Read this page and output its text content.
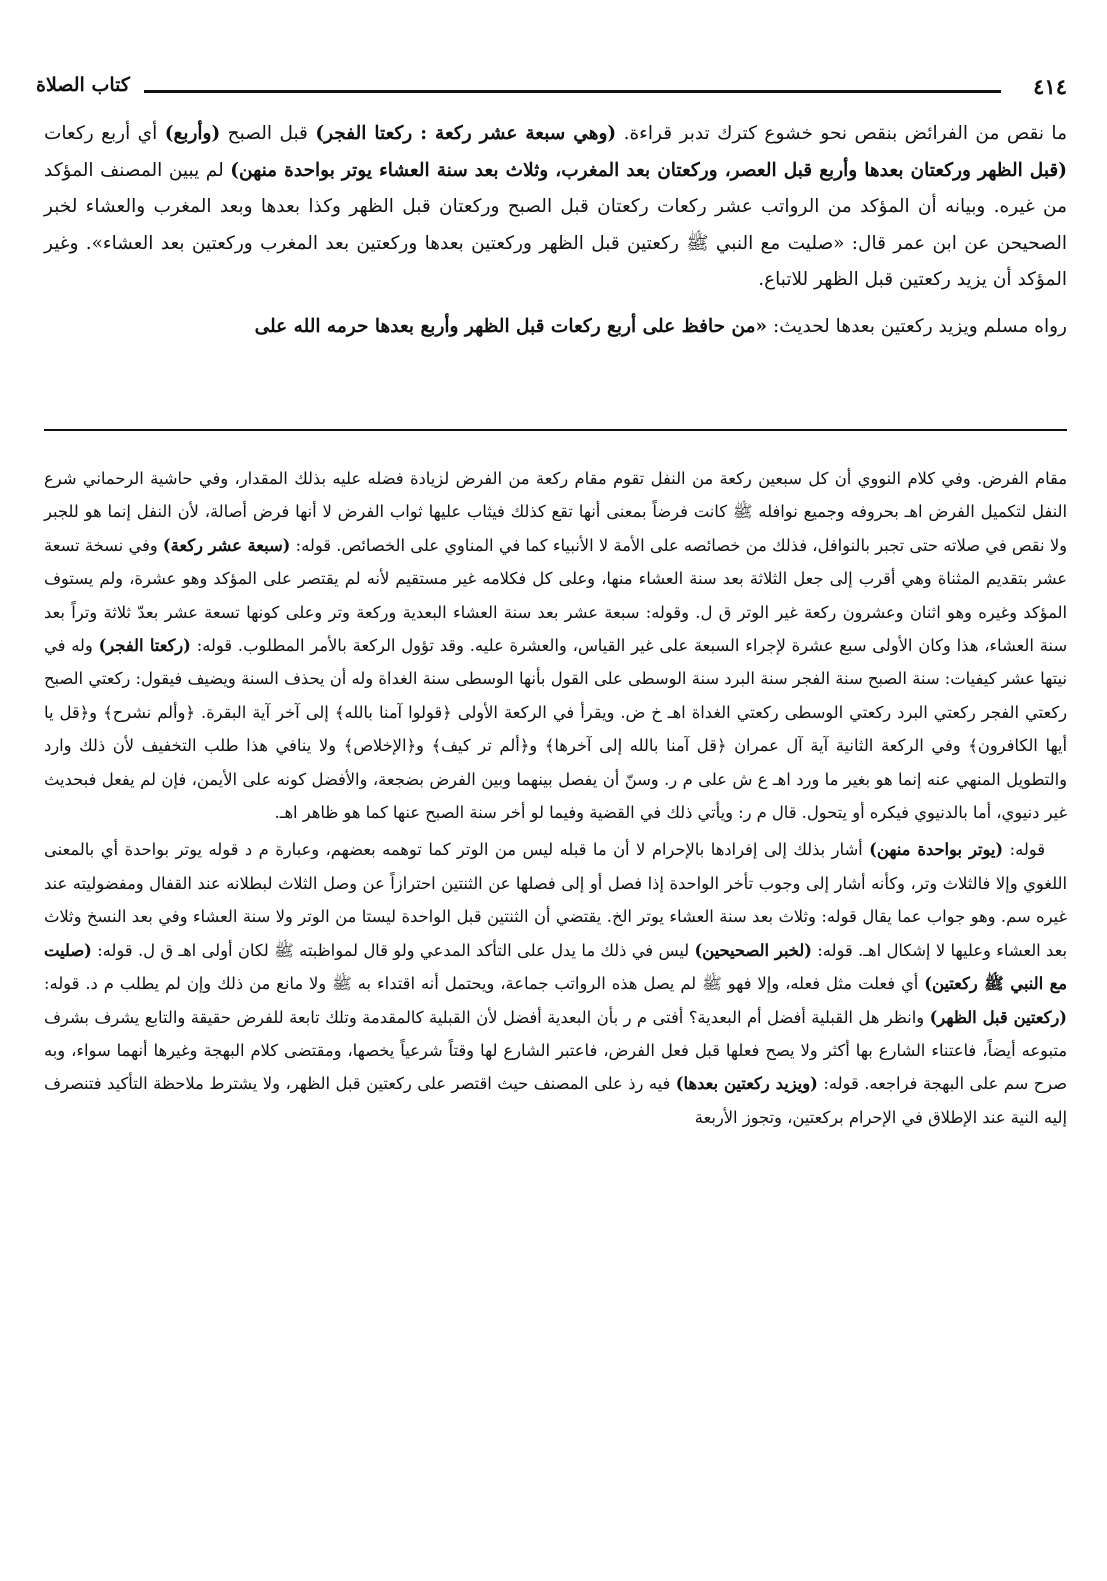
٤١٤
كتاب الصلاة

ما نقص من الفرائض بنقص نحو خشوع كترك تدبر قراءة. (وهي سبعة عشر ركعة : ركعتا الفجر) قبل الصبح (وأربع) أي أربع ركعات (قبل الظهر وركعتان بعدها وأربع قبل العصر، وركعتان بعد المغرب، وثلاث بعد سنة العشاء يوتر بواحدة منهن) لم يبين المصنف المؤكد من غيره. وبيانه أن المؤكد من الرواتب عشر ركعات ركعتان قبل الصبح وركعتان قبل الظهر وكذا بعدها وبعد المغرب والعشاء لخبر الصحيحن عن ابن عمر قال: «صليت مع النبي ﷺ ركعتين قبل الظهر وركعتين بعدها وركعتين بعد المغرب وركعتين بعد العشاء». وغير المؤكد أن يزيد ركعتين قبل الظهر للاتباع.

رواه مسلم ويزيد ركعتين بعدها لحديث: «من حافظ على أربع ركعات قبل الظهر وأربع بعدها حرمه الله على

مقام الفرض. وفي كلام النووي أن كل سبعين ركعة من النفل تقوم مقام ركعة من الفرض لزيادة فضله عليه بذلك المقدار، وفي حاشية الرحماني شرع النفل لتكميل الفرض اهـ بحروفه وجميع نوافله ﷺ كانت فرضاً بمعنى أنها تقع كذلك فيثاب عليها ثواب الفرض لا أنها فرض أصالة، لأن النفل إنما هو للجبر ولا نقص في صلاته حتى تجبر بالنوافل، فذلك من خصائصه على الأمة لا الأنبياء كما في المناوي على الخصائص. قوله: (سبعة عشر ركعة) وفي نسخة تسعة عشر بتقديم المثناة وهي أقرب إلى جعل الثلاثة بعد سنة العشاء منها، وعلى كل فكلامه غير مستقيم لأنه لم يقتصر على المؤكد وهو عشرة، ولم يستوف المؤكد وغيره وهو اثنان وعشرون ركعة غير الوتر ق ل. وقوله: سبعة عشر بعد سنة العشاء البعدية وركعة وتر وعلى كونها تسعة عشر بعدّ ثلاثة وتراً بعد سنة العشاء، هذا وكان الأولى سبع عشرة لإجراء السبعة على غير القياس، والعشرة عليه. وقد تؤول الركعة بالأمر المطلوب. قوله: (ركعتا الفجر) وله في نيتها عشر كيفيات: سنة الصبح سنة الفجر سنة البرد سنة الوسطى على القول بأنها الوسطى سنة الغداة وله أن يحذف السنة ويضيف فيقول: ركعتي الصبح ركعتي الفجر ركعتي البرد ركعتي الوسطى ركعتي الغداة اهـ خ ض. ويقرأ في الركعة الأولى ﴿قولوا آمنا بالله﴾ إلى آخر آية البقرة. ﴿وألم نشرح﴾ و﴿قل يا أيها الكافرون﴾ وفي الركعة الثانية آية آل عمران ﴿قل آمنا بالله إلى آخرها﴾ و﴿ألم تر كيف﴾ و﴿الإخلاص﴾ ولا ينافي هذا طلب التخفيف لأن ذلك وارد والتطويل المنهي عنه إنما هو بغير ما ورد اهـ ع ش على م ر. وسنّ أن يفصل بينهما وبين الفرض بضجعة، والأفضل كونه على الأيمن، فإن لم يفعل فبحديث غير دنيوي، أما بالدنيوي فيكره أو يتحول. قال م ر: ويأتي ذلك في القضية وفيما لو أخر سنة الصبح عنها كما هو ظاهر اهـ.

قوله: (يوتر بواحدة منهن) أشار بذلك إلى إفرادها بالإحرام لا أن ما قبله ليس من الوتر كما توهمه بعضهم، وعبارة م د قوله يوتر بواحدة أي بالمعنى اللغوي وإلا فالثلاث وتر، وكأنه أشار إلى وجوب تأخر الواحدة إذا فصل أو إلى فصلها عن الثنتين احترازاً عن وصل الثلاث لبطلانه عند القفال ومفضوليته عند غيره سم. وهو جواب عما يقال قوله: وثلاث بعد سنة العشاء يوتر الخ. يقتضي أن الثنتين قبل الواحدة ليستا من الوتر ولا سنة العشاء وفي بعد النسخ وثلاث بعد العشاء وعليها لا إشكال اهـ. قوله: (لخبر الصحيحين) ليس في ذلك ما يدل على التأكد المدعي ولو قال لمواظبته ﷺ لكان أولى اهـ ق ل. قوله: (صليت مع النبي ﷺ ركعتين) أي فعلت مثل فعله، وإلا فهو ﷺ لم يصل هذه الرواتب جماعة، ويحتمل أنه اقتداء به ﷺ ولا مانع من ذلك وإن لم يطلب م د. قوله: (ركعتين قبل الظهر) وانظر هل القبلية أفضل أم البعدية؟ أفتى م ر بأن البعدية أفضل لأن القبلية كالمقدمة وتلك تابعة للفرض حقيقة والتابع يشرف بشرف متبوعه أيضاً، فاعتناء الشارع بها أكثر ولا يصح فعلها قبل فعل الفرض، فاعتبر الشارع لها وقتاً شرعياً يخصها، ومقتضى كلام البهجة وغيرها أنهما سواء، وبه صرح سم على البهجة فراجعه. قوله: (ويزيد ركعتين بعدها) فيه رذ على المصنف حيث اقتصر على ركعتين قبل الظهر، ولا يشترط ملاحظة التأكيد فتنصرف إليه النية عند الإطلاق في الإحرام بركعتين، وتجوز الأربعة
